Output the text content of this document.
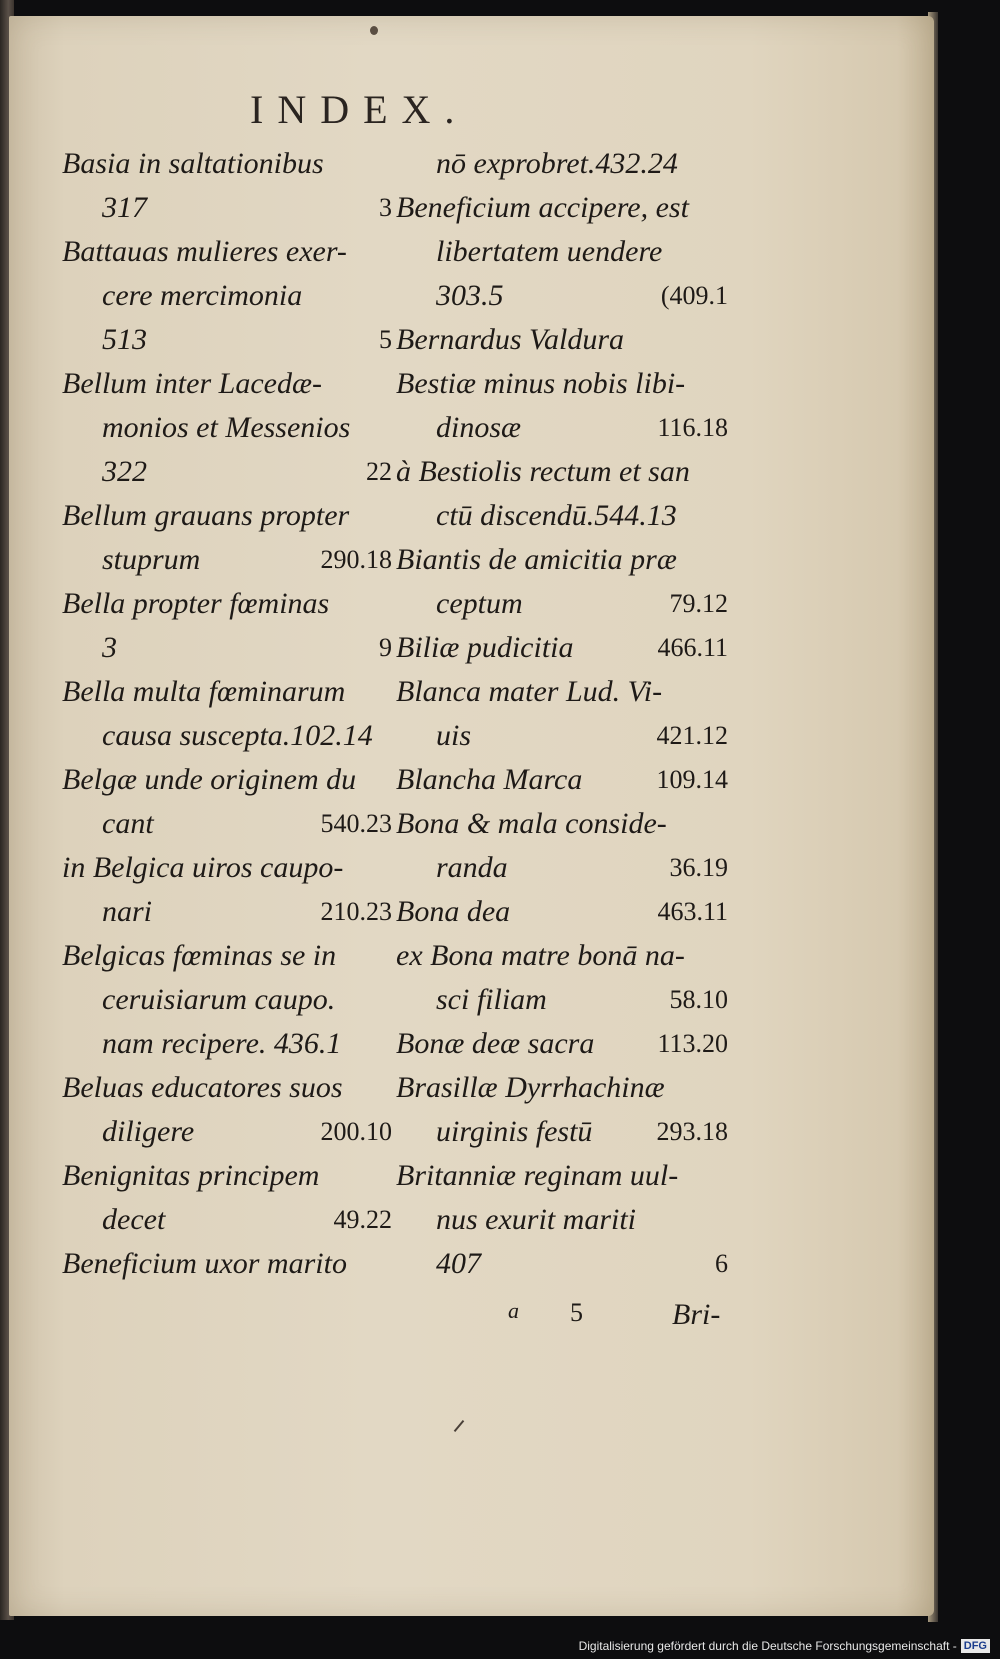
INDEX.
Basia in saltationibus
317	3
Battauas mulieres exer-
cere mercimonia
513	5
Bellum inter Lacedæ-
monios et Messenios
322	22
Bellum grauans propter
stuprum	290.18
Bella propter fœminas
3	9
Bella multa fœminarum
causa suscepta.102.14
Belgæ unde originem du
cant	540.23
in Belgica uiros caupo-
nari	210.23
Belgicas fœminas se in
ceruisiarum caupo.
nam recipere. 436.1
Beluas educatores suos
diligere	200.10
Benignitas principem
decet	49.22
Beneficium uxor marito
nō exprobret.432.24
Beneficium accipere, est
libertatem uendere
303.5	(409.1
Bernardus Valdura
Bestiæ minus nobis libi-
dinosæ	116.18
à Bestiolis rectum et san
ctū discendū.544.13
Biantis de amicitia præ
ceptum	79.12
Biliæ pudicitia	466.11
Blanca mater Lud. Vi-
uis	421.12
Blancha Marca	109.14
Bona & mala conside-
randa	36.19
Bona dea	463.11
ex Bona matre bonā na-
sci filiam	58.10
Bonæ deæ sacra 113.20
Brasillæ Dyrrhachinæ
uirginis festū 293.18
Britanniæ reginam uul-
nus exurit mariti
407	6
a 5	Bri-
Digitalisierung gefördert durch die Deutsche Forschungsgemeinschaft - DFG
